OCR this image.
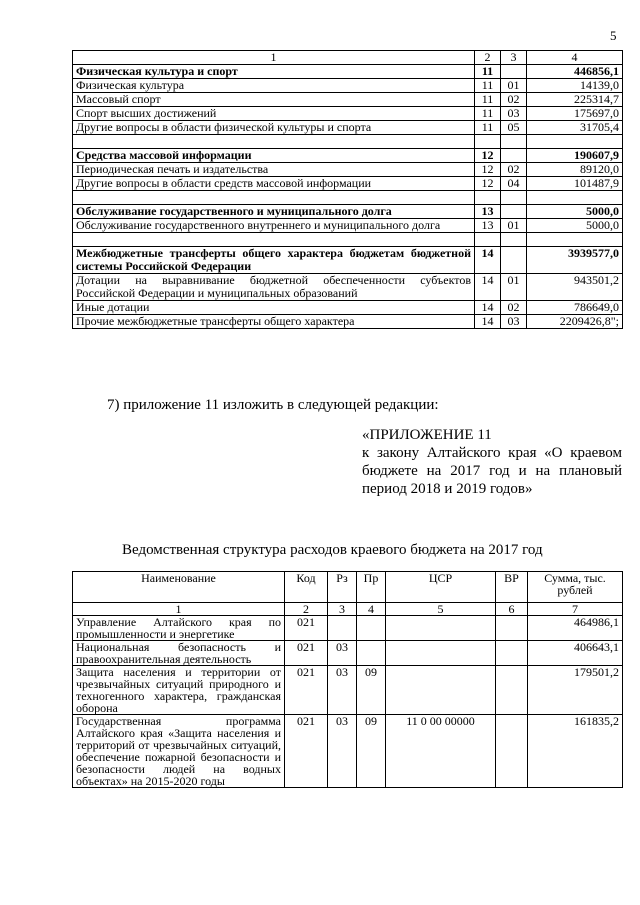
5
1	2	3	4
Физическая культура и спорт	11		446856,1
Физическая культура	11	01	14139,0
Массовый спорт	11	02	225314,7
Спорт высших достижений	11	03	175697,0
Другие вопросы в области физической культуры и спорта	11	05	31705,4

Средства массовой информации	12		190607,9
Периодическая печать и издательства	12	02	89120,0
Другие вопросы в области средств массовой информации	12	04	101487,9

Обслуживание государственного и муниципального долга	13		5000,0
Обслуживание государственного внутреннего и муниципального долга	13	01	5000,0

Межбюджетные трансферты общего характера бюджетам бюджетной системы Российской Федерации	14		3939577,0
Дотации на выравнивание бюджетной обеспеченности субъектов Российской Федерации и муниципальных образований	14	01	943501,2
Иные дотации	14	02	786649,0
Прочие межбюджетные трансферты общего характера	14	03	2209426,8";
7) приложение 11 изложить в следующей редакции:
«ПРИЛОЖЕНИЕ 11
к закону Алтайского края «О краевом
бюджете на 2017 год и на плановый
период 2018 и 2019 годов»
Ведомственная структура расходов краевого бюджета на 2017 год
Наименование	Код	Рз	Пр	ЦСР	ВР	Сумма, тыс. рублей
1	2	3	4	5	6	7
Управление Алтайского края по промышленности и энергетике	021					464986,1
Национальная безопасность и правоохранительная деятельность	021	03				406643,1
Защита населения и территории от чрезвычайных ситуаций природного и техногенного характера, гражданская оборона	021	03	09			179501,2
Государственная программа Алтайского края «Защита населения и территорий от чрезвычайных ситуаций, обеспечение пожарной безопасности и безопасности людей на водных объектах» на 2015-2020 годы	021	03	09	11 0 00 00000		161835,2
